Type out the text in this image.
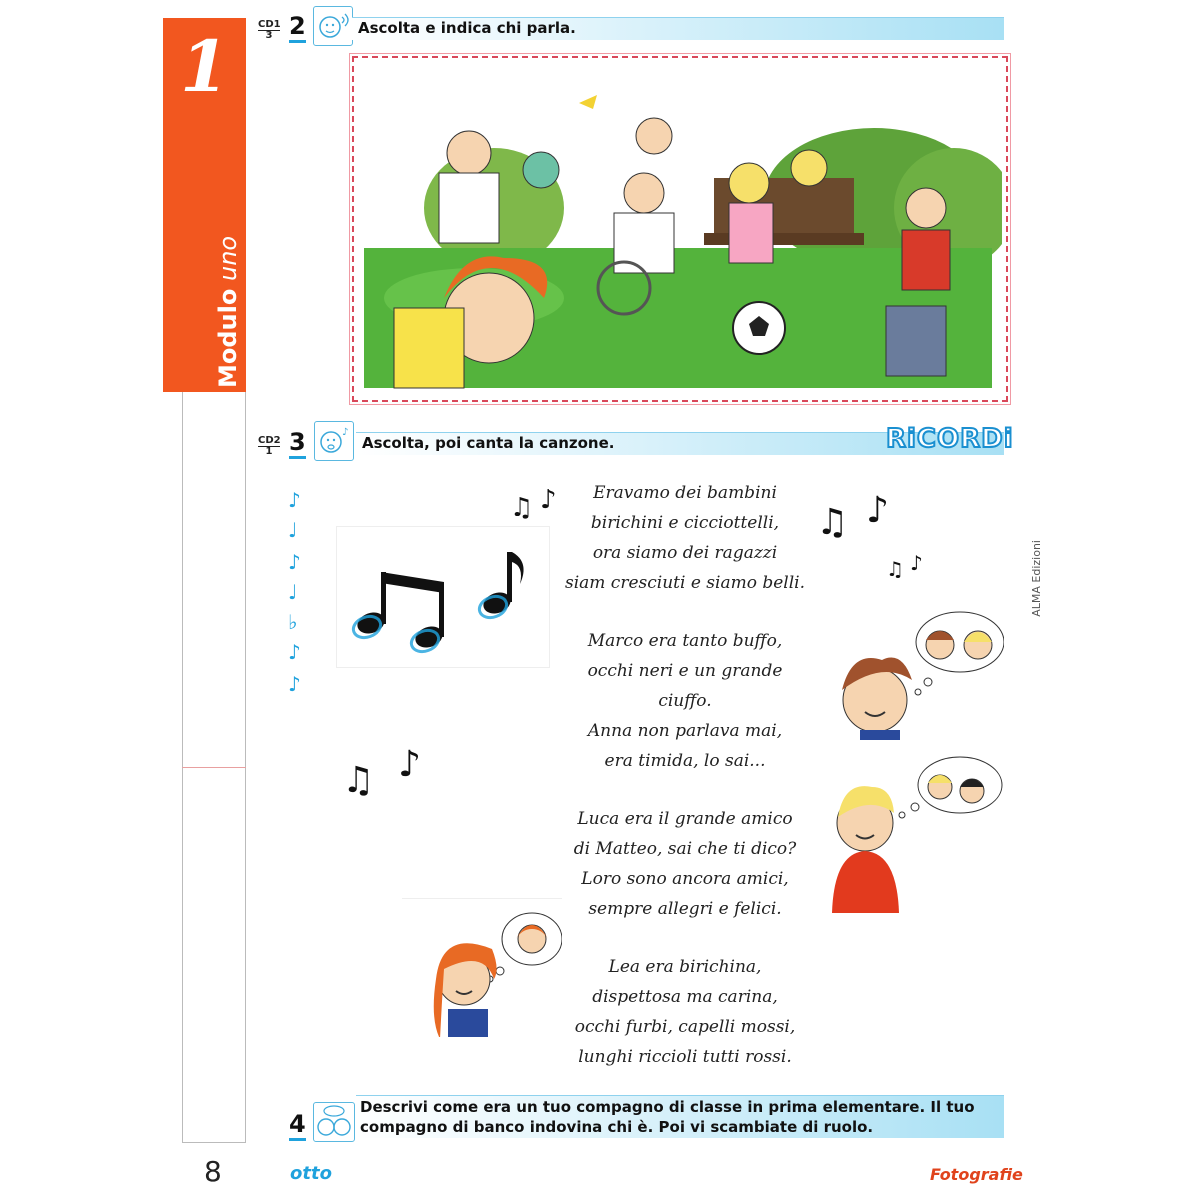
1
Modulo uno
CD1
3 2	Ascolta e indica chi parla.
CD2
1 3	♪
Ascolta, poi canta la canzone.	RiCORDi
Eravamo dei bambini
birichini e cicciottelli,
ora siamo dei ragazzi
siam cresciuti e siamo belli.
Marco era tanto buffo,
occhi neri e un grande ciuffo.
Anna non parlava mai,
era timida, lo sai...
Luca era il grande amico
di Matteo, sai che ti dico?
Loro sono ancora amici,
sempre allegri e felici.
Lea era birichina,
dispettosa ma carina,
occhi furbi, capelli mossi,
lunghi riccioli tutti rossi.
♪
♩
♪
♩
♭
♪
♪
♫ ♪
♫ ♪
♫ ♪
♫ ♪
ALMA Edizioni
4
Descrivi come era un tuo compagno di classe in prima elementare. Il tuo
compagno di banco indovina chi è. Poi vi scambiate di ruolo.
8	otto	Fotografie
